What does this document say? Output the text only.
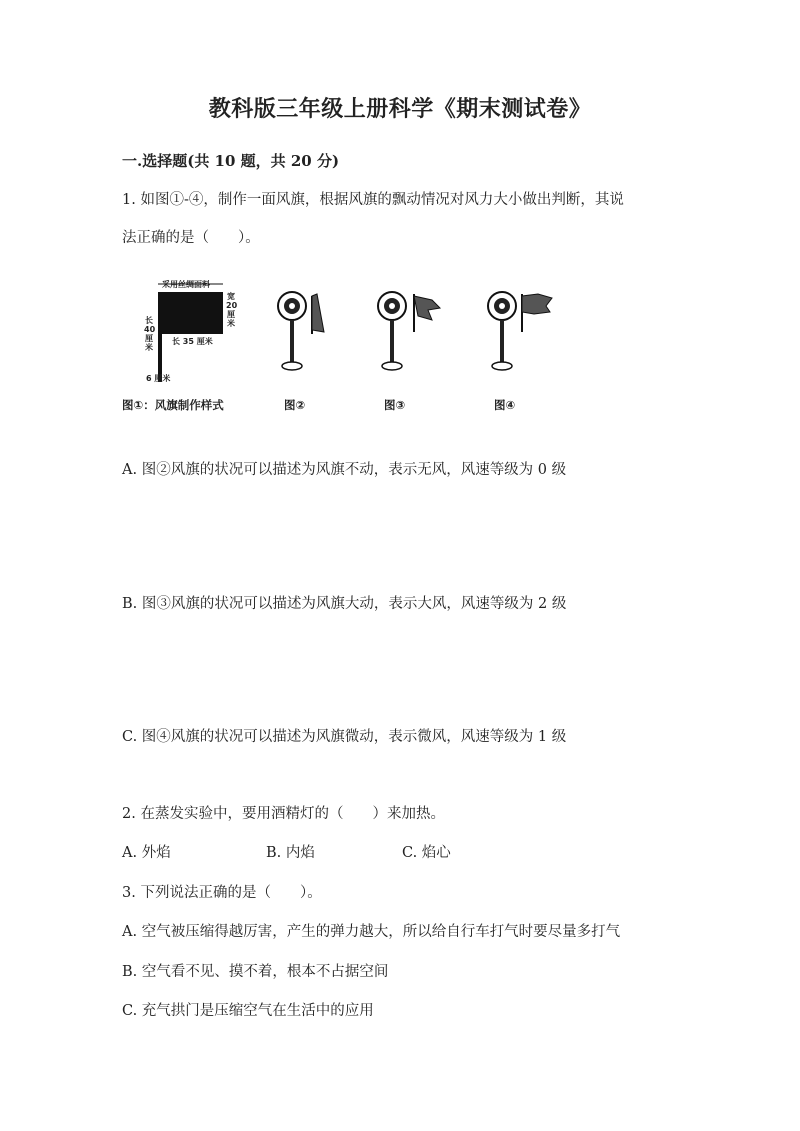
教科版三年级上册科学《期末测试卷》
一.选择题(共 10 题，共 20 分)
1. 如图①-④，制作一面风旗，根据风旗的飘动情况对风力大小做出判断，其说
法正确的是（　　）。
采用丝绸面料
宽20厘米
长40厘米
长 35 厘米
6 厘米
图①：风旗制作样式	图②	图③	图④
A. 图②风旗的状况可以描述为风旗不动，表示无风，风速等级为 0 级
B. 图③风旗的状况可以描述为风旗大动，表示大风，风速等级为 2 级
C. 图④风旗的状况可以描述为风旗微动，表示微风，风速等级为 1 级
2. 在蒸发实验中，要用酒精灯的（　　）来加热。
A. 外焰	B. 内焰	C. 焰心
3. 下列说法正确的是（　　）。
A. 空气被压缩得越厉害，产生的弹力越大，所以给自行车打气时要尽量多打气
B. 空气看不见、摸不着，根本不占据空间
C. 充气拱门是压缩空气在生活中的应用
